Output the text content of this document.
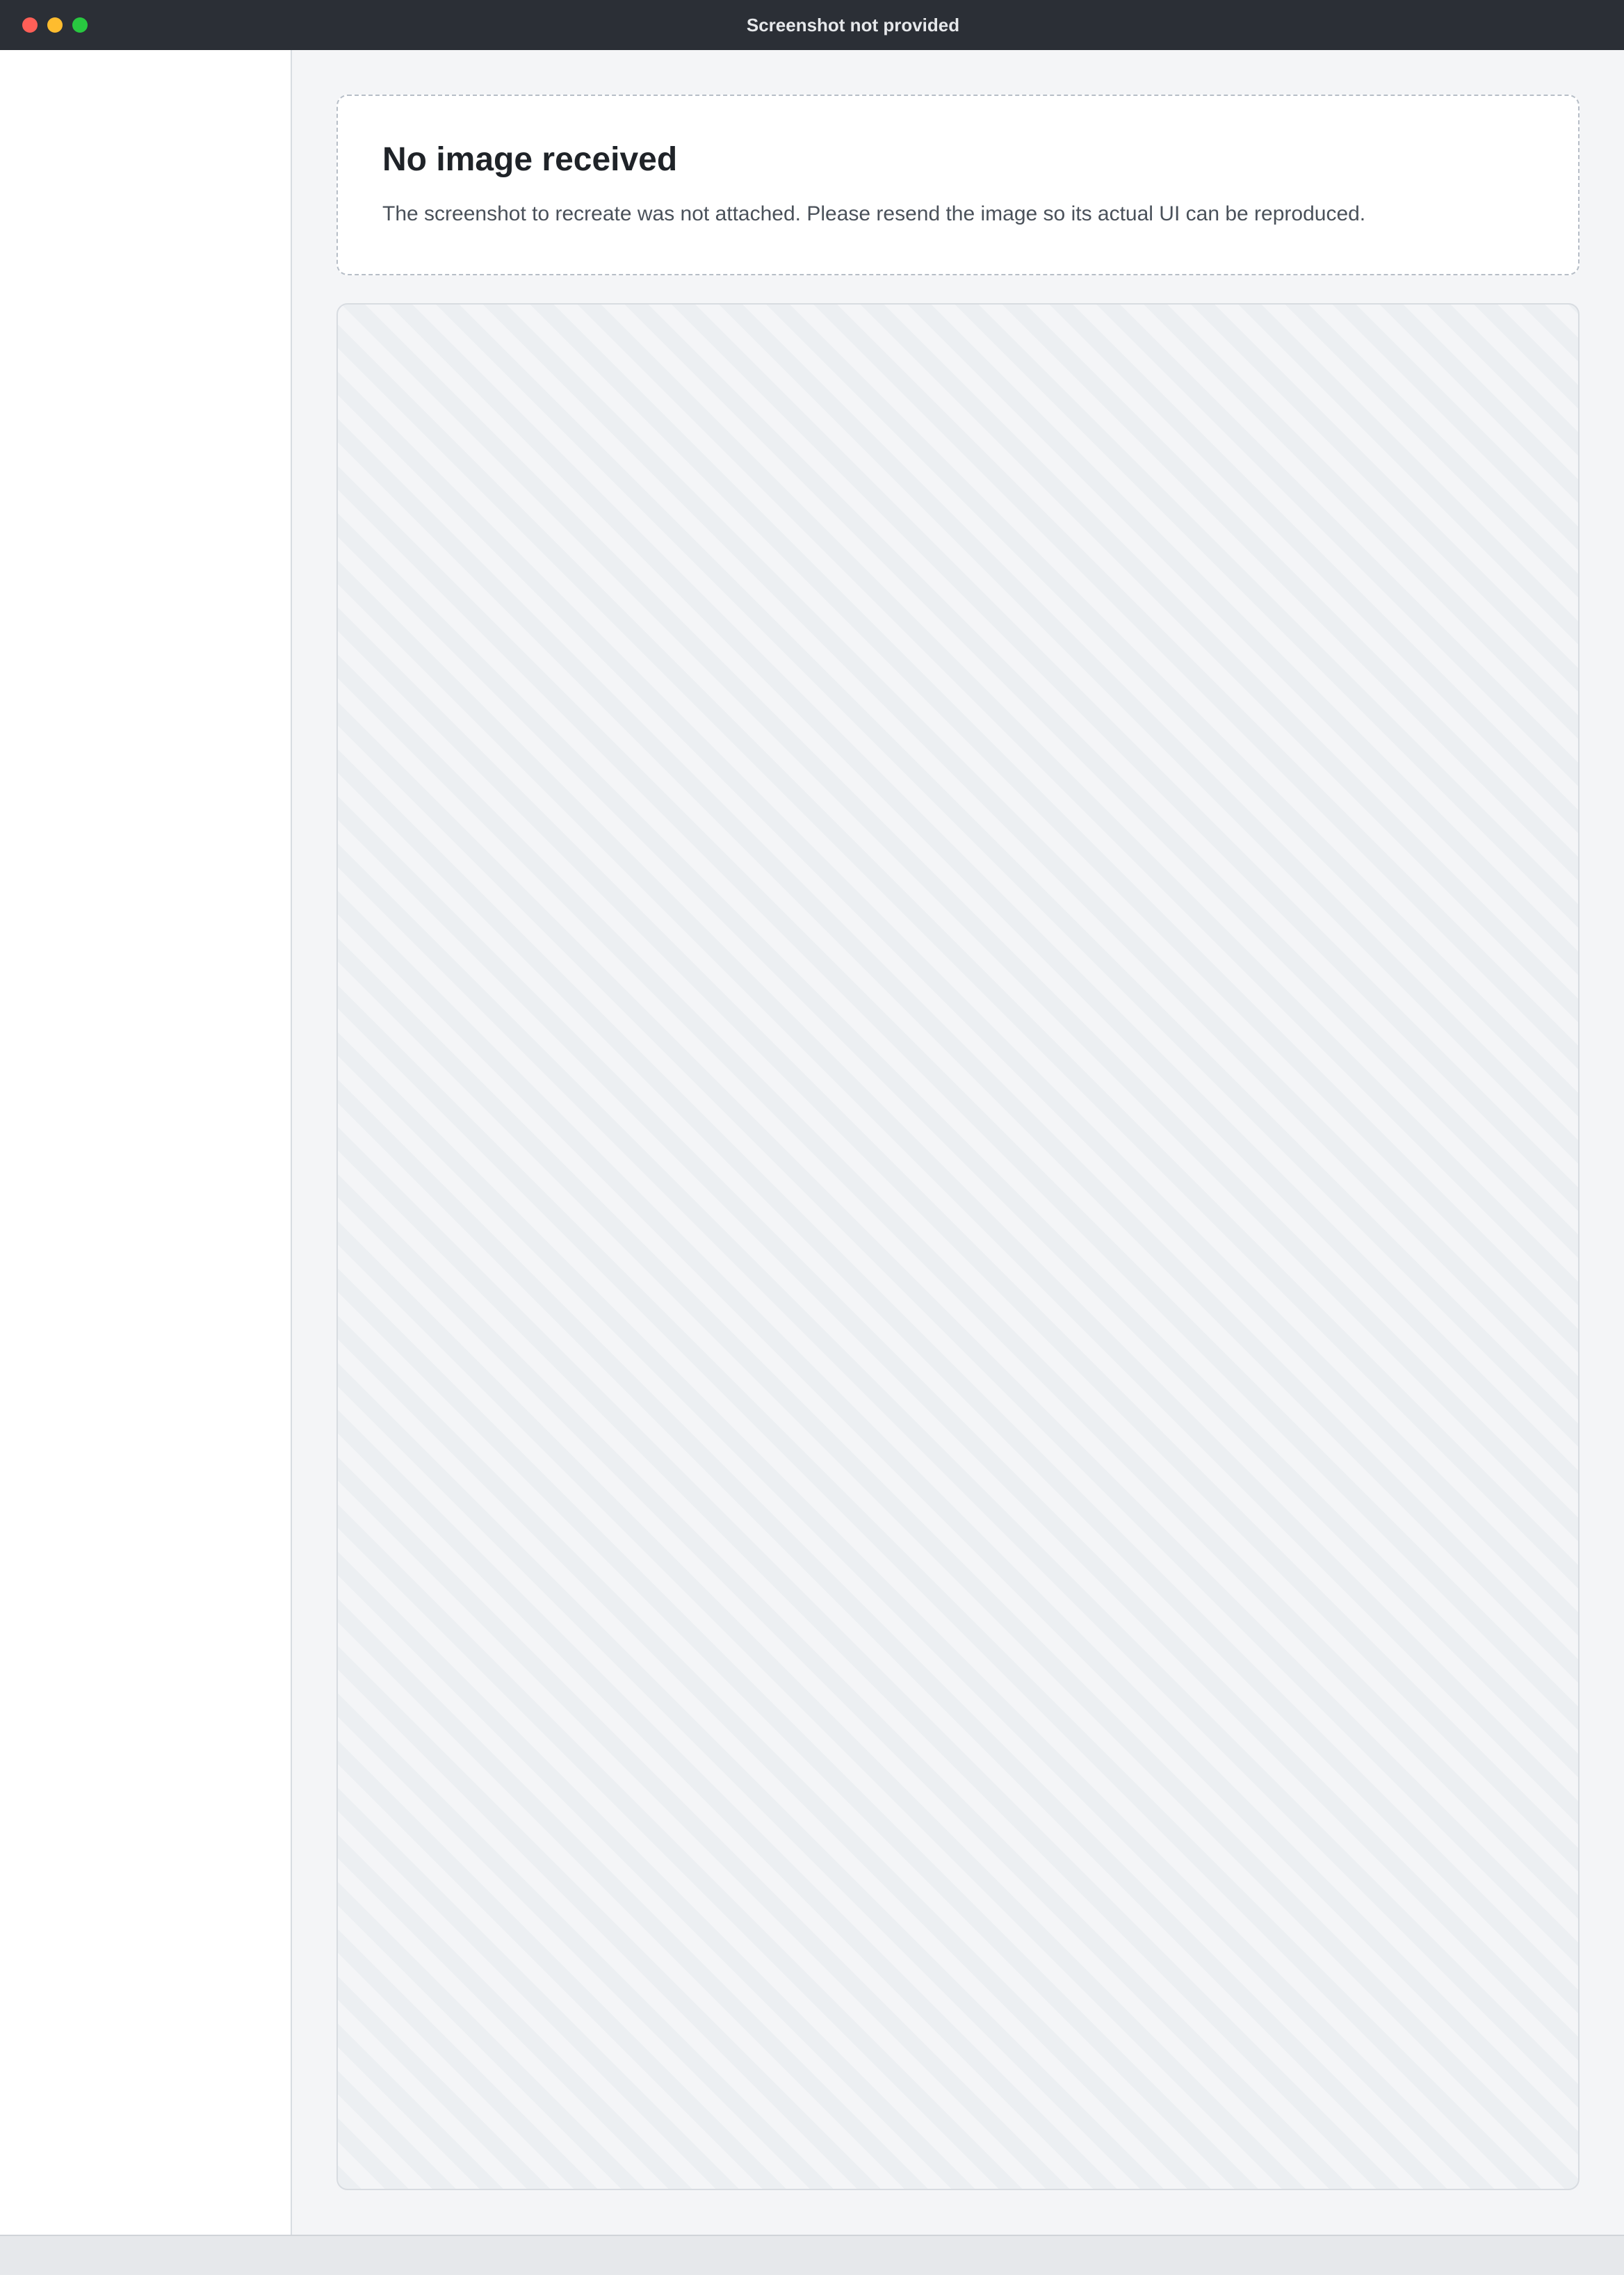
Screenshot not provided
No image received

The screenshot to recreate was not attached. Please resend the image so its actual UI can be reproduced.
